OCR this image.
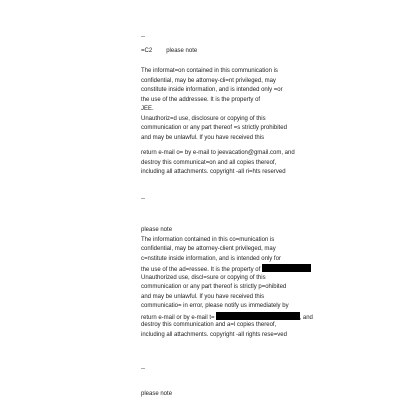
--
=C2 please note
The informat=on contained in this communication is
confidential, may be attorney-cli=nt privileged, may
constitute inside information, and is intended only =or
the use of the addressee. It is the property of
JEE.
Unauthoriz=d use, disclosure or copying of this
communication or any part thereof =s strictly prohibited
and may be unlawful. If you have received this
return e-mail o= by e-mail to jeevacation@gmail.com, and
destroy this communicat=on and all copies thereof,
including all attachments. copyright -all ri=hts reserved
--
please note
The information contained in this co=munication is
confidential, may be attorney-client privileged, may
c=nstitute inside information, and is intended only for
the use of the ad=ressee. It is the property of
Unauthorized use, discl=sure or copying of this
communication or any part thereof is strictly p=ohibited
and may be unlawful. If you have received this
communicatio= in error, please notify us immediately by
return e-mail or by e-mail t=	, and
destroy this communication and a=l copies thereof,
including all attachments. copyright -all rights rese=ved
--
please note
